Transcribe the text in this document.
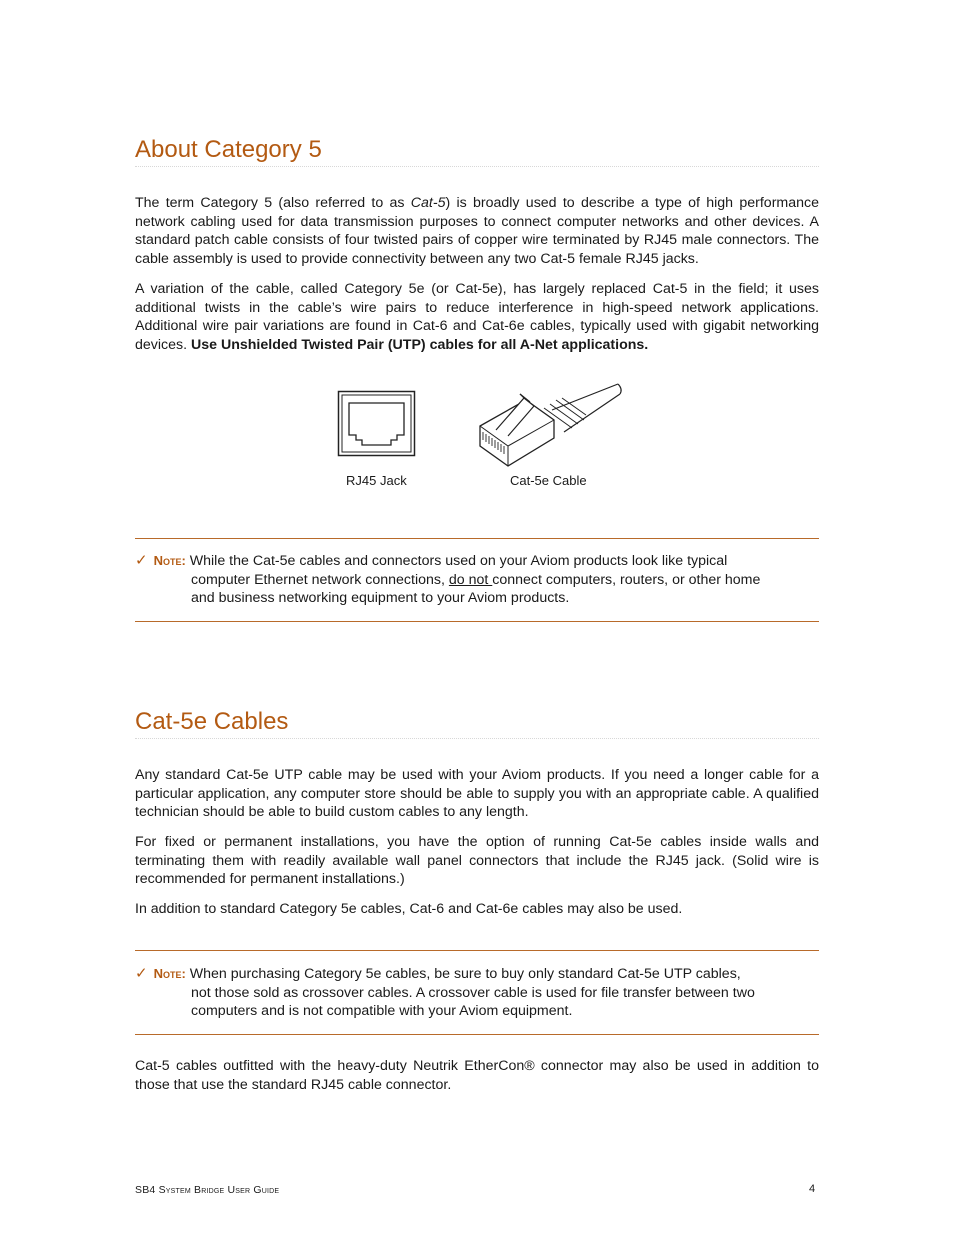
About Category 5

The term Category 5 (also referred to as Cat-5) is broadly used to describe a type of high performance network cabling used for data transmission purposes to connect computer networks and other devices. A standard patch cable consists of four twisted pairs of copper wire terminated by RJ45 male connectors. The cable assembly is used to provide connectivity between any two Cat-5 female RJ45 jacks.

A variation of the cable, called Category 5e (or Cat-5e), has largely replaced Cat-5 in the field; it uses additional twists in the cable’s wire pairs to reduce interference in high-speed network applications. Additional wire pair variations are found in Cat-6 and Cat-6e cables, typically used with gigabit networking devices. Use Unshielded Twisted Pair (UTP) cables for all A-Net applications.

RJ45 Jack	Cat-5e Cable
✓ Note: While the Cat-5e cables and connectors used on your Aviom products look like typical
computer Ethernet network connections, do not connect computers, routers, or other home
and business networking equipment to your Aviom products.
Cat-5e Cables

Any standard Cat-5e UTP cable may be used with your Aviom products. If you need a longer cable for a particular application, any computer store should be able to supply you with an appropriate cable. A qualified technician should be able to build custom cables to any length.

For fixed or permanent installations, you have the option of running Cat-5e cables inside walls and terminating them with readily available wall panel connectors that include the RJ45 jack. (Solid wire is recommended for permanent installations.)

In addition to standard Category 5e cables, Cat-6 and Cat-6e cables may also be used.

✓ Note: When purchasing Category 5e cables, be sure to buy only standard Cat-5e UTP cables,
not those sold as crossover cables. A crossover cable is used for file transfer between two
computers and is not compatible with your Aviom equipment.

Cat-5 cables outfitted with the heavy-duty Neutrik EtherCon® connector may also be used in addition to those that use the standard RJ45 cable connector.

SB4 System Bridge User Guide	4
